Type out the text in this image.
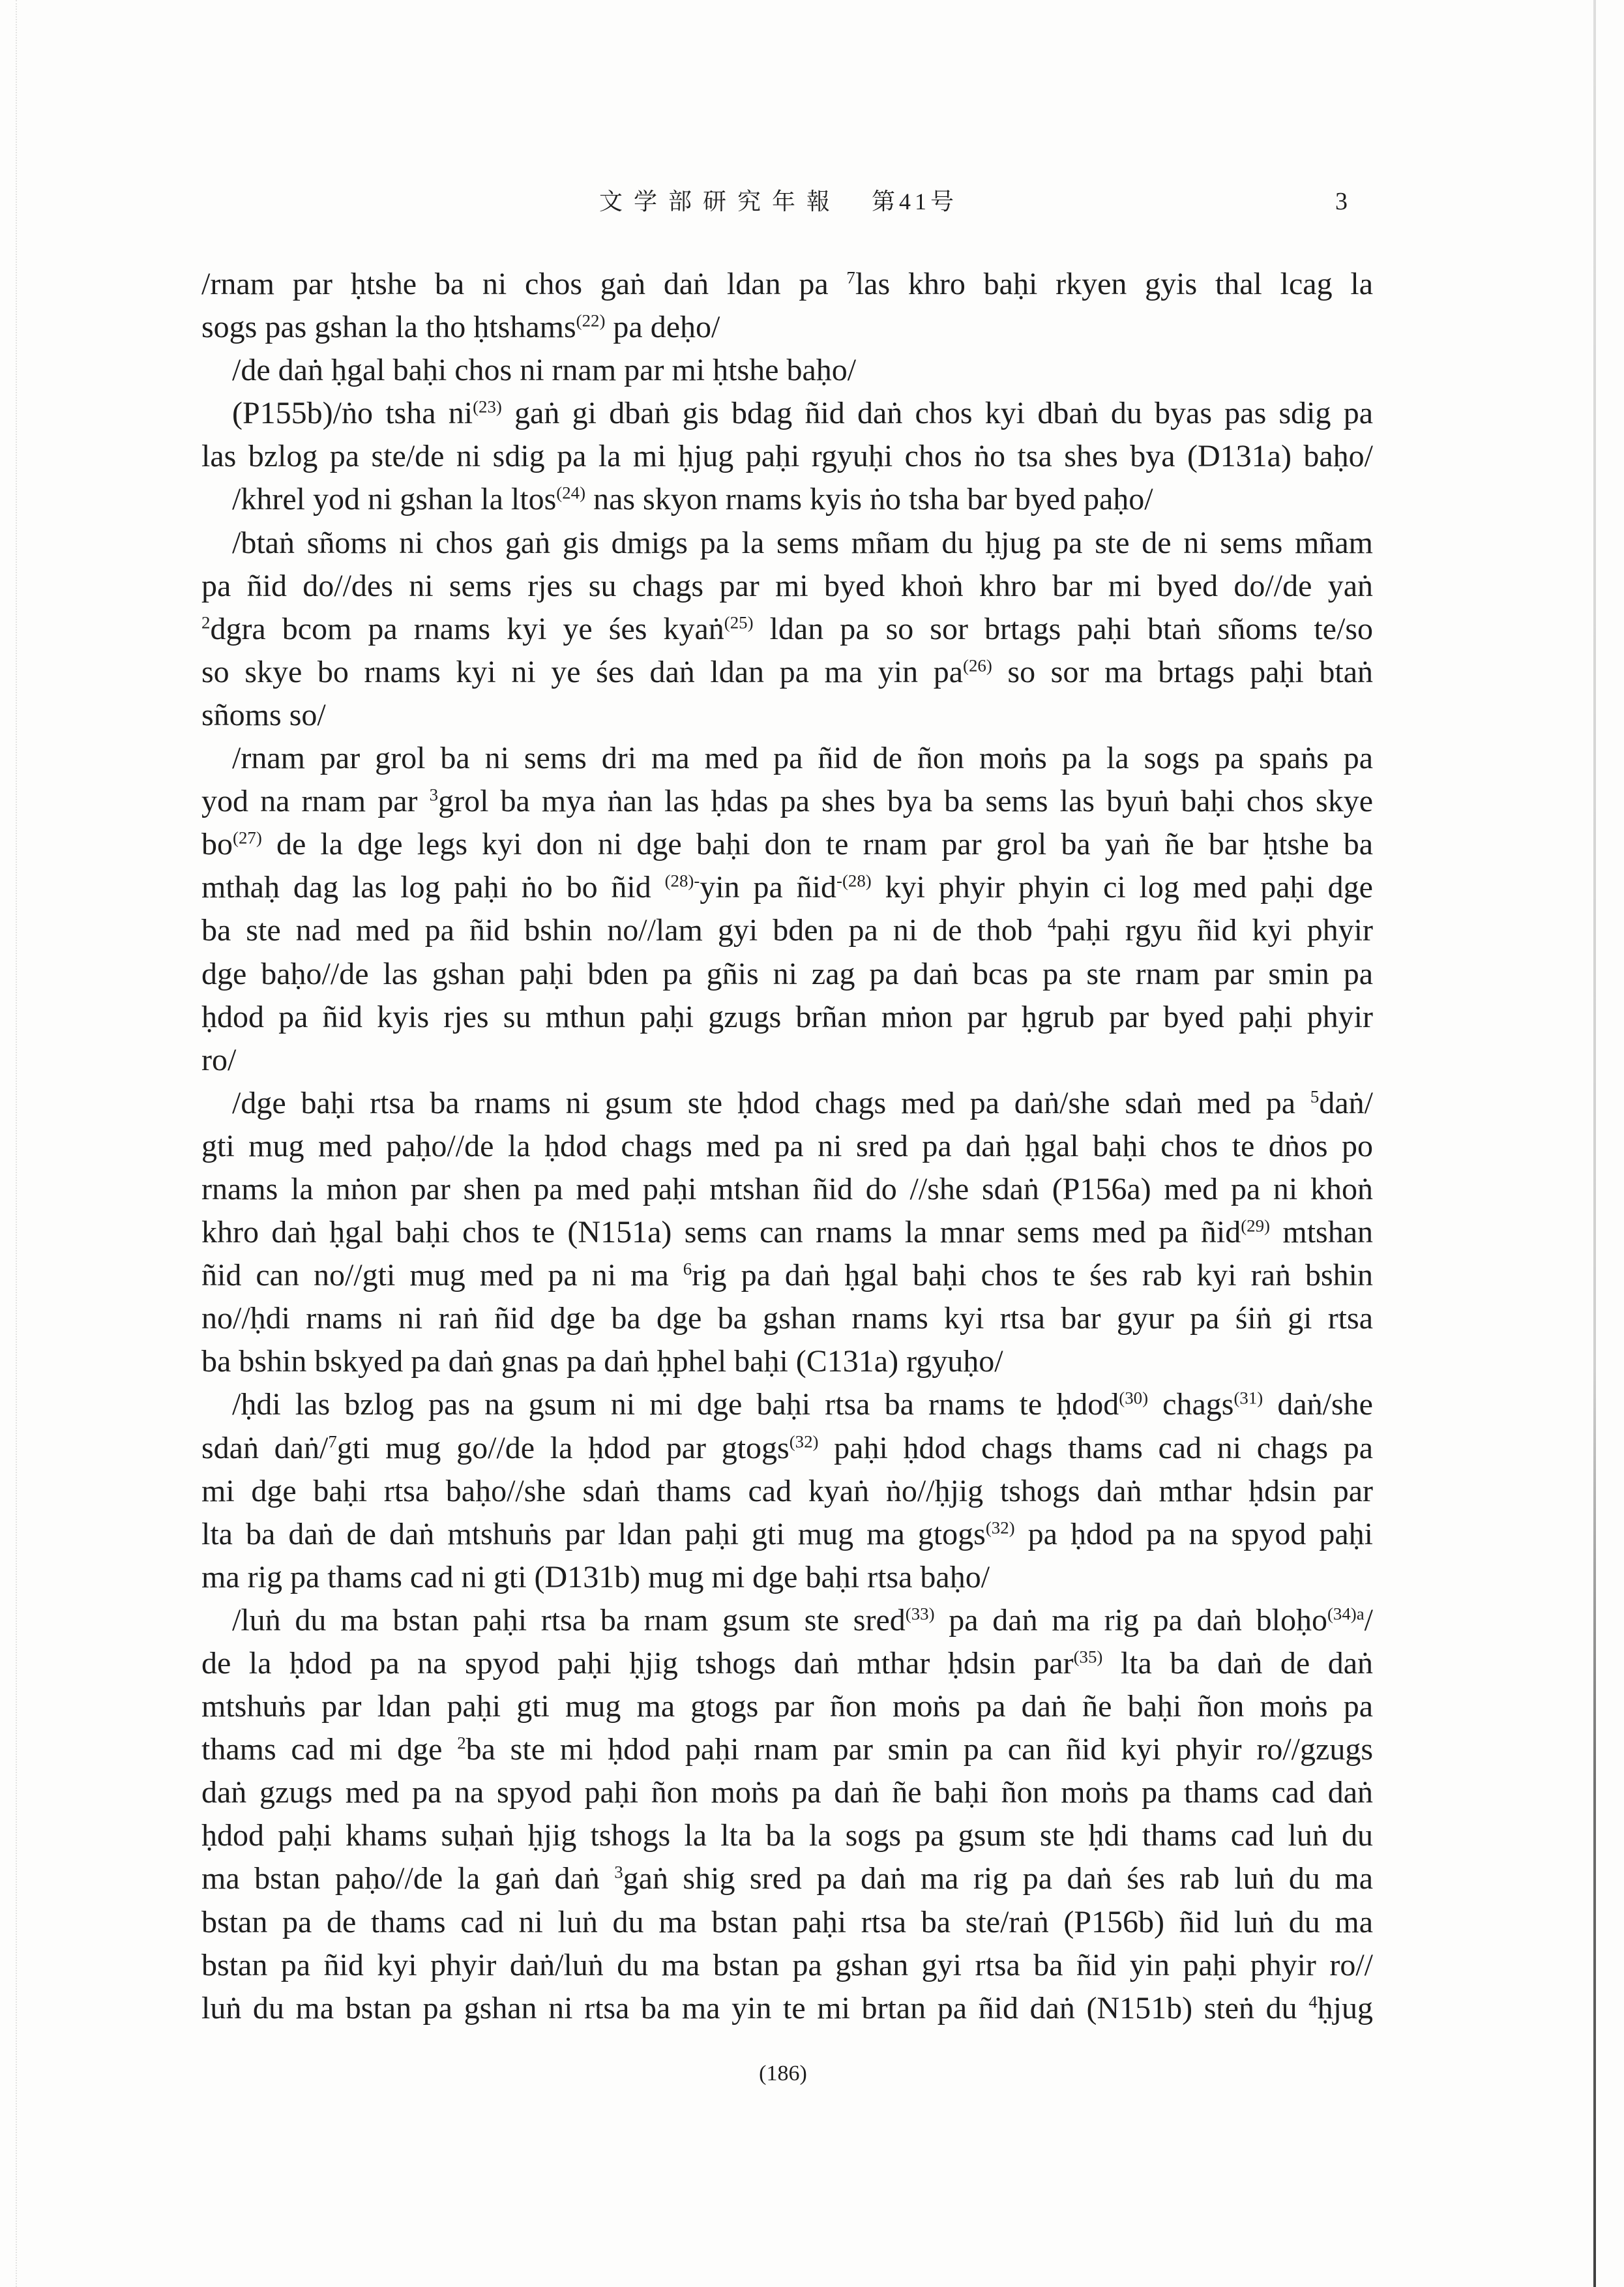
文学部研究年報 第41号	3
/rnam par ḥtshe ba ni chos gaṅ daṅ ldan pa $^7$las khro baḥi rkyen gyis thal lcag la
sogs pas gshan la tho ḥtshams$^{(22)}$ pa deḥo/
/de daṅ ḥgal baḥi chos ni rnam par mi ḥtshe baḥo/
(P155b)/ṅo tsha $ni^{(23)}$ gaṅ gi dbaṅ gis bdag ñid daṅ chos kyi dbaṅ du byas pas sdig pa
las bzlog pa ste/de ni sdig pa la mi ḥjug paḥi rgyuḥi chos ṅo tsa shes bya (D131a) baḥo/
/khrel yod ni gshan la ltos$^{(24)}$ nas skyon rnams kyis ṅo tsha bar byed paḥo/
/btaṅ sñoms ni chos gaṅ gis dmigs pa la sems mñam du ḥjug pa ste de ni sems mñam
pa ñid do//des ni sems rjes su chags par mi byed khoṅ khro bar mi byed do//de yaṅ
$^2$dgra bcom pa rnams kyi ye śes kyaṅ$^{(25)}$ ldan pa so sor brtags paḥi btaṅ sñoms te/so
so skye bo rnams kyi ni ye śes daṅ ldan pa ma yin $pa^{(26)}$ so sor ma brtags paḥi btaṅ
sñoms so/
/rnam par grol ba ni sems dri ma med pa ñid de ñon moṅs pa la sogs pa spaṅs pa
yod na rnam par $^3$grol ba mya ṅan las ḥdas pa shes bya ba sems las byuṅ baḥi chos skye
$bo^{(27)}$ de la dge legs kyi don ni dge baḥi don te rnam par grol ba yaṅ ñe bar ḥtshe ba
mthaḥ dag las log paḥi ṅo bo ñid $^{(28)-}$yin pa ñid$^{-(28)}$ kyi phyir phyin ci log med paḥi dge
ba ste nad med pa ñid bshin no//lam gyi bden pa ni de thob $^4$paḥi rgyu ñid kyi phyir
dge baḥo//de las gshan paḥi bden pa gñis ni zag pa daṅ bcas pa ste rnam par smin pa
ḥdod pa ñid kyis rjes su mthun paḥi gzugs brñan mṅon par ḥgrub par byed paḥi phyir
ro/
/dge baḥi rtsa ba rnams ni gsum ste ḥdod chags med pa daṅ/she sdaṅ med pa $^5$daṅ/
gti mug med paḥo//de la ḥdod chags med pa ni sred pa daṅ ḥgal baḥi chos te dṅos po
rnams la mṅon par shen pa med paḥi mtshan ñid do //she sdaṅ (P156a) med pa ni khoṅ
khro daṅ ḥgal baḥi chos te (N151a) sems can rnams la mnar sems med pa ñid$^{(29)}$ mtshan
ñid can no//gti mug med pa ni ma $^6$rig pa daṅ ḥgal baḥi chos te śes rab kyi raṅ bshin
no//ḥdi rnams ni raṅ ñid dge ba dge ba gshan rnams kyi rtsa bar gyur pa śiṅ gi rtsa
ba bshin bskyed pa daṅ gnas pa daṅ ḥphel baḥi (C131a) rgyuḥo/
/ḥdi las bzlog pas na gsum ni mi dge baḥi rtsa ba rnams te ḥdod$^{(30)}$ chags$^{(31)}$ daṅ/she
sdaṅ daṅ/$^7$gti mug go//de la ḥdod par gtogs$^{(32)}$ paḥi ḥdod chags thams cad ni chags pa
mi dge baḥi rtsa baḥo//she sdaṅ thams cad kyaṅ ṅo//ḥjig tshogs daṅ mthar ḥdsin par
lta ba daṅ de daṅ mtshuṅs par ldan paḥi gti mug ma gtogs$^{(32)}$ pa ḥdod pa na spyod paḥi
ma rig pa thams cad ni gti (D131b) mug mi dge baḥi rtsa baḥo/
/luṅ du ma bstan paḥi rtsa ba rnam gsum ste sred$^{(33)}$ pa daṅ ma rig pa daṅ bloḥo$^{(34)a}$/
de la ḥdod pa na spyod paḥi ḥjig tshogs daṅ mthar ḥdsin par$^{(35)}$ lta ba daṅ de daṅ
mtshuṅs par ldan paḥi gti mug ma gtogs par ñon moṅs pa daṅ ñe baḥi ñon moṅs pa
thams cad mi dge $^2$ba ste mi ḥdod paḥi rnam par smin pa can ñid kyi phyir ro//gzugs
daṅ gzugs med pa na spyod paḥi ñon moṅs pa daṅ ñe baḥi ñon moṅs pa thams cad daṅ
ḥdod paḥi khams suḥaṅ ḥjig tshogs la lta ba la sogs pa gsum ste ḥdi thams cad luṅ du
ma bstan paḥo//de la gaṅ daṅ $^3$gaṅ shig sred pa daṅ ma rig pa daṅ śes rab luṅ du ma
bstan pa de thams cad ni luṅ du ma bstan paḥi rtsa ba ste/raṅ (P156b) ñid luṅ du ma
bstan pa ñid kyi phyir daṅ/luṅ du ma bstan pa gshan gyi rtsa ba ñid yin paḥi phyir ro//
luṅ du ma bstan pa gshan ni rtsa ba ma yin te mi brtan pa ñid daṅ (N151b) steṅ du $^4$ḥjug
(186)
